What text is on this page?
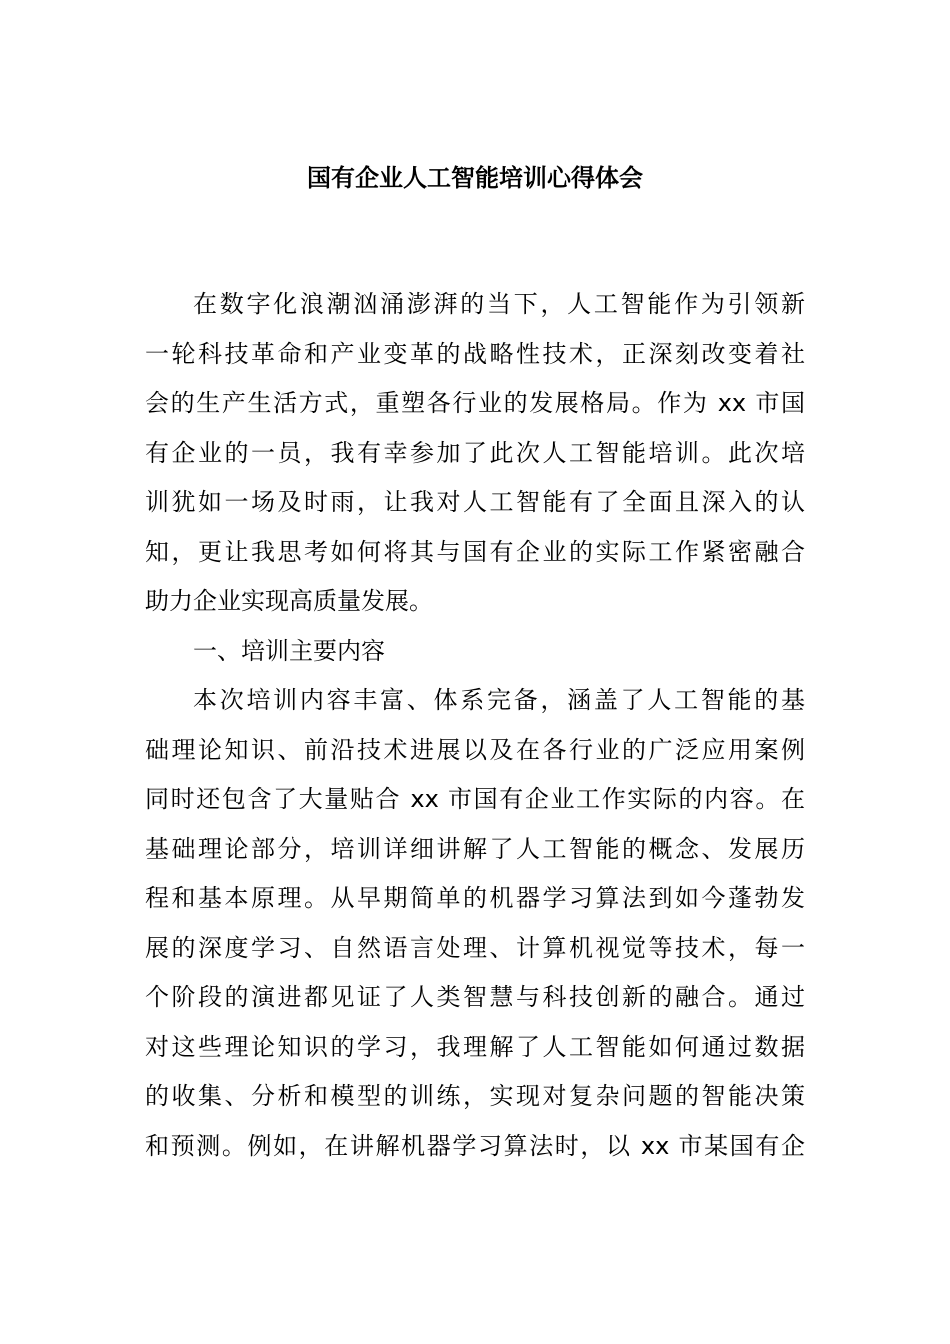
国有企业人工智能培训心得体会
在数字化浪潮汹涌澎湃的当下，人工智能作为引领新
一轮科技革命和产业变革的战略性技术，正深刻改变着社
会的生产生活方式，重塑各行业的发展格局。作为 xx 市国
有企业的一员，我有幸参加了此次人工智能培训。此次培
训犹如一场及时雨，让我对人工智能有了全面且深入的认
知，更让我思考如何将其与国有企业的实际工作紧密融合
助力企业实现高质量发展。
一、培训主要内容
本次培训内容丰富、体系完备，涵盖了人工智能的基
础理论知识、前沿技术进展以及在各行业的广泛应用案例
同时还包含了大量贴合 xx 市国有企业工作实际的内容。在
基础理论部分，培训详细讲解了人工智能的概念、发展历
程和基本原理。从早期简单的机器学习算法到如今蓬勃发
展的深度学习、自然语言处理、计算机视觉等技术，每一
个阶段的演进都见证了人类智慧与科技创新的融合。通过
对这些理论知识的学习，我理解了人工智能如何通过数据
的收集、分析和模型的训练，实现对复杂问题的智能决策
和预测。例如，在讲解机器学习算法时，以 xx 市某国有企
